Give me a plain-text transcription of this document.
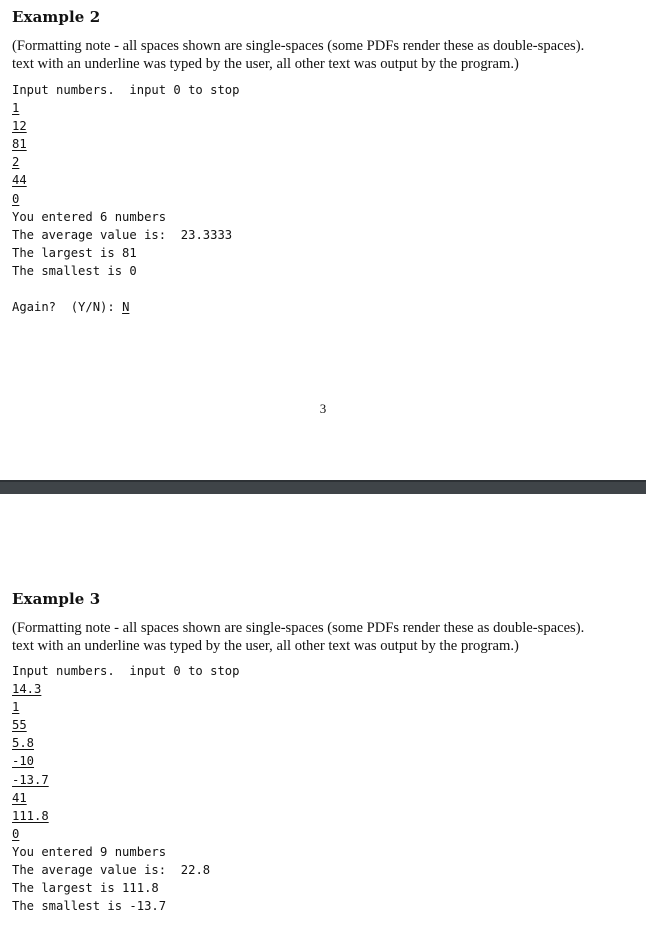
Example 2
(Formatting note - all spaces shown are single-spaces (some PDFs render these as double-spaces).
text with an underline was typed by the user, all other text was output by the program.)
Input numbers.  input 0 to stop
1
12
81
2
44
0
You entered 6 numbers
The average value is:  23.3333
The largest is 81
The smallest is 0
Again?  (Y/N): N
3
Example 3
(Formatting note - all spaces shown are single-spaces (some PDFs render these as double-spaces).
text with an underline was typed by the user, all other text was output by the program.)
Input numbers.  input 0 to stop
14.3
1
55
5.8
-10
-13.7
41
111.8
0
You entered 9 numbers
The average value is:  22.8
The largest is 111.8
The smallest is -13.7
